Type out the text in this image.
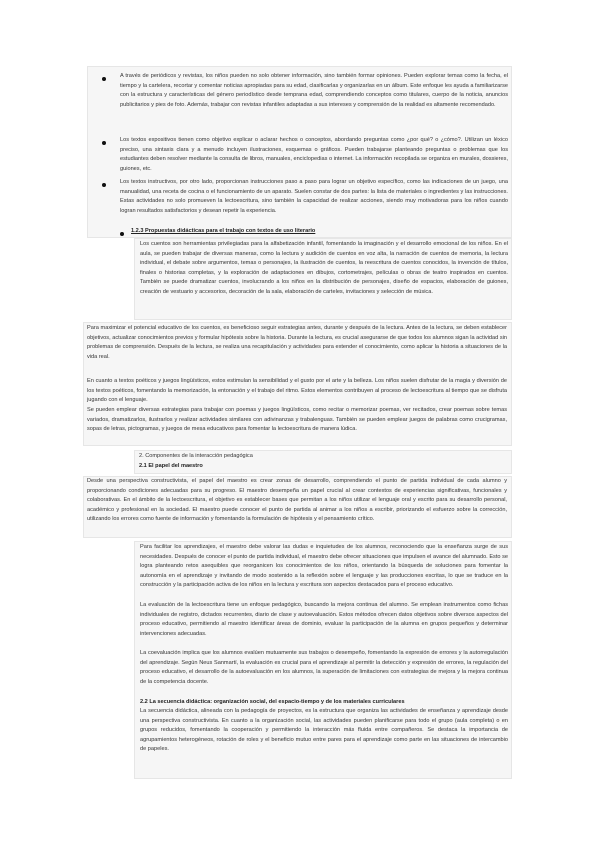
A través de periódicos y revistas, los niños pueden no solo obtener información, sino también formar opiniones. Pueden explorar temas como la fecha, el tiempo y la cartelera, recortar y comentar noticias apropiadas para su edad, clasificarlas y organizarlas en un álbum. Este enfoque les ayuda a familiarizarse con la estructura y características del género periodístico desde temprana edad, comprendiendo conceptos como titulares, cuerpo de la noticia, anuncios publicitarios y pies de foto. Además, trabajar con revistas infantiles adaptadas a sus intereses y comprensión de la realidad es altamente recomendado.

Los textos expositivos tienen como objetivo explicar o aclarar hechos o conceptos, abordando preguntas como ¿por qué? o ¿cómo?. Utilizan un léxico preciso, una sintaxis clara y a menudo incluyen ilustraciones, esquemas o gráficos. Pueden trabajarse planteando preguntas o problemas que los estudiantes deben resolver mediante la consulta de libros, manuales, enciclopedias o internet. La información recopilada se organiza en murales, dossieres, guiones, etc.

Los textos instructivos, por otro lado, proporcionan instrucciones paso a paso para lograr un objetivo específico, como las indicaciones de un juego, una manualidad, una receta de cocina o el funcionamiento de un aparato. Suelen constar de dos partes: la lista de materiales o ingredientes y las instrucciones. Estas actividades no solo promueven la lectoescritura, sino también la capacidad de realizar acciones, siendo muy motivadoras para los niños cuando logran resultados satisfactorios y desean repetir la experiencia.

1.2.3 Propuestas didácticas para el trabajo con textos de uso literario

Los cuentos son herramientas privilegiadas para la alfabetización infantil, fomentando la imaginación y el desarrollo emocional de los niños. En el aula, se pueden trabajar de diversas maneras, como la lectura y audición de cuentos en voz alta, la narración de cuentos de memoria, la lectura individual, el debate sobre argumentos, temas o personajes, la ilustración de cuentos, la reescritura de cuentos conocidos, la invención de títulos, finales o historias completas, y la exploración de adaptaciones en dibujos, cortometrajes, películas o obras de teatro inspirados en cuentos. También se puede dramatizar cuentos, involucrando a los niños en la distribución de personajes, diseño de espacios, elaboración de guiones, creación de vestuario y accesorios, decoración de la sala, elaboración de carteles, invitaciones y selección de música.

Para maximizar el potencial educativo de los cuentos, es beneficioso seguir estrategias antes, durante y después de la lectura. Antes de la lectura, se deben establecer objetivos, actualizar conocimientos previos y formular hipótesis sobre la historia. Durante la lectura, es crucial asegurarse de que todos los alumnos sigan la actividad sin problemas de comprensión. Después de la lectura, se realiza una recapitulación y actividades para extender el conocimiento, como aplicar la historia a situaciones de la vida real.

En cuanto a textos poéticos y juegos lingüísticos, estos estimulan la sensibilidad y el gusto por el arte y la belleza. Los niños suelen disfrutar de la magia y diversión de los textos poéticos, fomentando la memorización, la entonación y el trabajo del ritmo. Estos elementos contribuyen al proceso de lectoescritura al tiempo que se disfruta jugando con el lenguaje.

Se pueden emplear diversas estrategias para trabajar con poemas y juegos lingüísticos, como recitar o memorizar poemas, ver recitados, crear poemas sobre temas variados, dramatizarlos, ilustrarlos y realizar actividades similares con adivinanzas y trabalenguas. También se pueden emplear juegos de palabras como crucigramas, sopas de letras, pictogramas, y juegos de mesa educativos para fomentar la lectoescritura de manera lúdica.

2. Componentes de la interacción pedagógica

2.1 El papel del maestro

Desde una perspectiva constructivista, el papel del maestro es crear zonas de desarrollo, comprendiendo el punto de partida individual de cada alumno y proporcionando condiciones adecuadas para su progreso. El maestro desempeña un papel crucial al crear contextos de experiencias significativas, funcionales y colaborativas. En el ámbito de la lectoescritura, el objetivo es establecer bases que permitan a los niños utilizar el lenguaje oral y escrito para su desarrollo personal, académico y profesional en la sociedad. El maestro puede conocer el punto de partida al animar a los niños a escribir, priorizando el esfuerzo sobre la corrección, utilizando los errores como fuente de información y fomentando la formulación de hipótesis y el pensamiento crítico.

Para facilitar los aprendizajes, el maestro debe valorar las dudas e inquietudes de los alumnos, reconociendo que la enseñanza surge de sus necesidades. Después de conocer el punto de partida individual, el maestro debe ofrecer situaciones que impulsen el avance del alumnado. Esto se logra planteando retos asequibles que reorganicen los conocimientos de los niños, orientando la búsqueda de soluciones para fomentar la autonomía en el aprendizaje y invitando de modo sostenido a la reflexión sobre el lenguaje y las producciones escritas, lo que se traduce en la construcción y la participación activa de los niños en la lectura y escritura son aspectos destacados para el proceso educativo.

La evaluación de la lectoescritura tiene un enfoque pedagógico, buscando la mejora continua del alumno. Se emplean instrumentos como fichas individuales de registro, dictados recurrentes, diario de clase y autoevaluación. Estos métodos ofrecen datos objetivos sobre diversos aspectos del proceso educativo, permitiendo al maestro identificar áreas de dominio, evaluar la participación de la alumna en grupos pequeños y determinar intervenciones adecuadas.

La coevaluación implica que los alumnos evalúen mutuamente sus trabajos o desempeño, fomentando la expresión de errores y la autorregulación del aprendizaje. Según Neus Sanmartí, la evaluación es crucial para el aprendizaje al permitir la detección y expresión de errores, la regulación del proceso educativo, el desarrollo de la autoevaluación en los alumnos, la superación de limitaciones con estrategias de mejora y la mejora continua de la competencia docente.

2.2 La secuencia didáctica: organización social, del espacio-tiempo y de los materiales curriculares

La secuencia didáctica, alineada con la pedagogía de proyectos, es la estructura que organiza las actividades de enseñanza y aprendizaje desde una perspectiva constructivista. En cuanto a la organización social, las actividades pueden planificarse para todo el grupo (aula completa) o en grupos reducidos, fomentando la cooperación y permitiendo la interacción más fluida entre compañeros. Se destaca la importancia de agrupamientos heterogéneos, rotación de roles y el beneficio mutuo entre pares para el aprendizaje como parte en las situaciones de intercambio de papeles.
